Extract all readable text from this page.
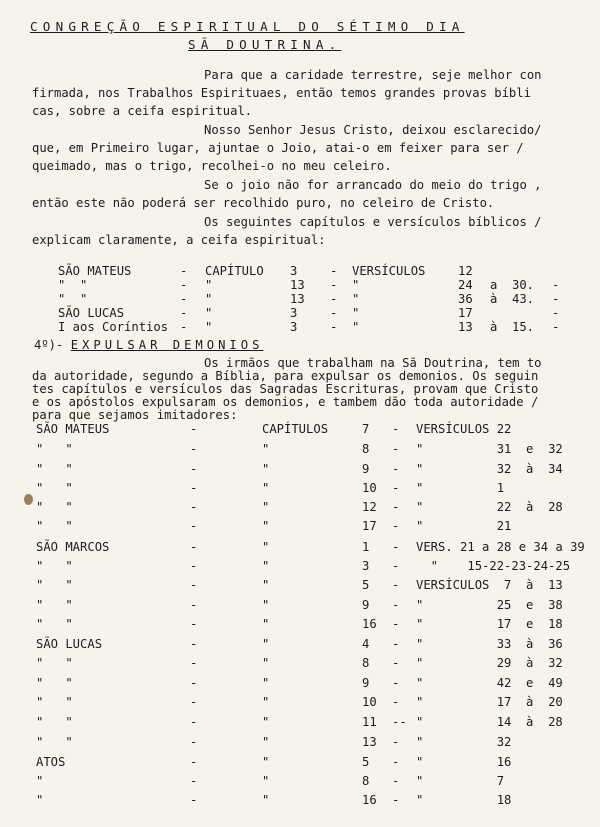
CONGREÇÃO ESPIRITUAL DO SÉTIMO DIA
SÃ DOUTRINA.
Para que a caridade terrestre, seje melhor con
firmada, nos Trabalhos Espirituaes, então temos grandes provas bíbli
cas, sobre a ceifa espiritual.
Nosso Senhor Jesus Cristo, deixou esclarecido/
que, em Primeiro lugar, ajuntae o Joio, atai-o em feixer para ser /
queimado, mas o trigo, recolhei-o no meu celeiro.
Se o joio não for arrancado do meio do trigo ,
então este não poderá ser recolhido puro, no celeiro de Cristo.
Os seguintes capítulos e versículos bíblicos /
explicam claramente, a ceifa espiritual:
SÃO MATEUS	- CAPÍTULO 3	- VERSÍCULOS	12
"  "	- "	13 - "	24 a 30. -
"  "	- "	13 - "	36 à 43. -
SÃO LUCAS	- "	3	- "	17	-
I aos Coríntios - "	3	- "	13 à 15. -
4º)- EXPULSAR DEMONIOS
Os irmãos que trabalham na Sã Doutrina, tem to
da autoridade, segundo a Bíblia, para expulsar os demonios. Os seguin
tes capítulos e versículos das Sagradas Escrituras, provam que Cristo
e os apóstolos expulsaram os demonios, e tambem dão toda autoridade /
para que sejamos imitadores:
SÃO MATEUS	-	CAPÍTULOS	7 - VERSÍCULOS 22
"   "	-	"	8 - "          31  e  32
"   "	-	"	9 - "          32  à  34
"   "	-	"	10 - "          1
"   "	-	"	12 - "          22  à  28
"   "	-	"	17 - "          21
SÃO MARCOS	-	"	1 - VERS. 21 a 28 e 34 a 39
"   "	-	"	3 - "    15-22-23-24-25
"   "	-	"	5 - VERSÍCULOS  7  à  13
"   "	-	"	9 - "          25  e  38
"   "	-	"	16 - "          17  e  18
SÃO LUCAS	-	"	4 - "          33  à  36
"   "	-	"	8 - "          29  à  32
"   "	-	"	9 - "          42  e  49
"   "	-	"	10 - "          17  à  20
"   "	-	"	11 -- "          14  à  28
"   "	-	"	13 - "          32
ATOS	-	"	5 - "          16
"	-	"	8 - "          7
"	-	"	16 - "          18
